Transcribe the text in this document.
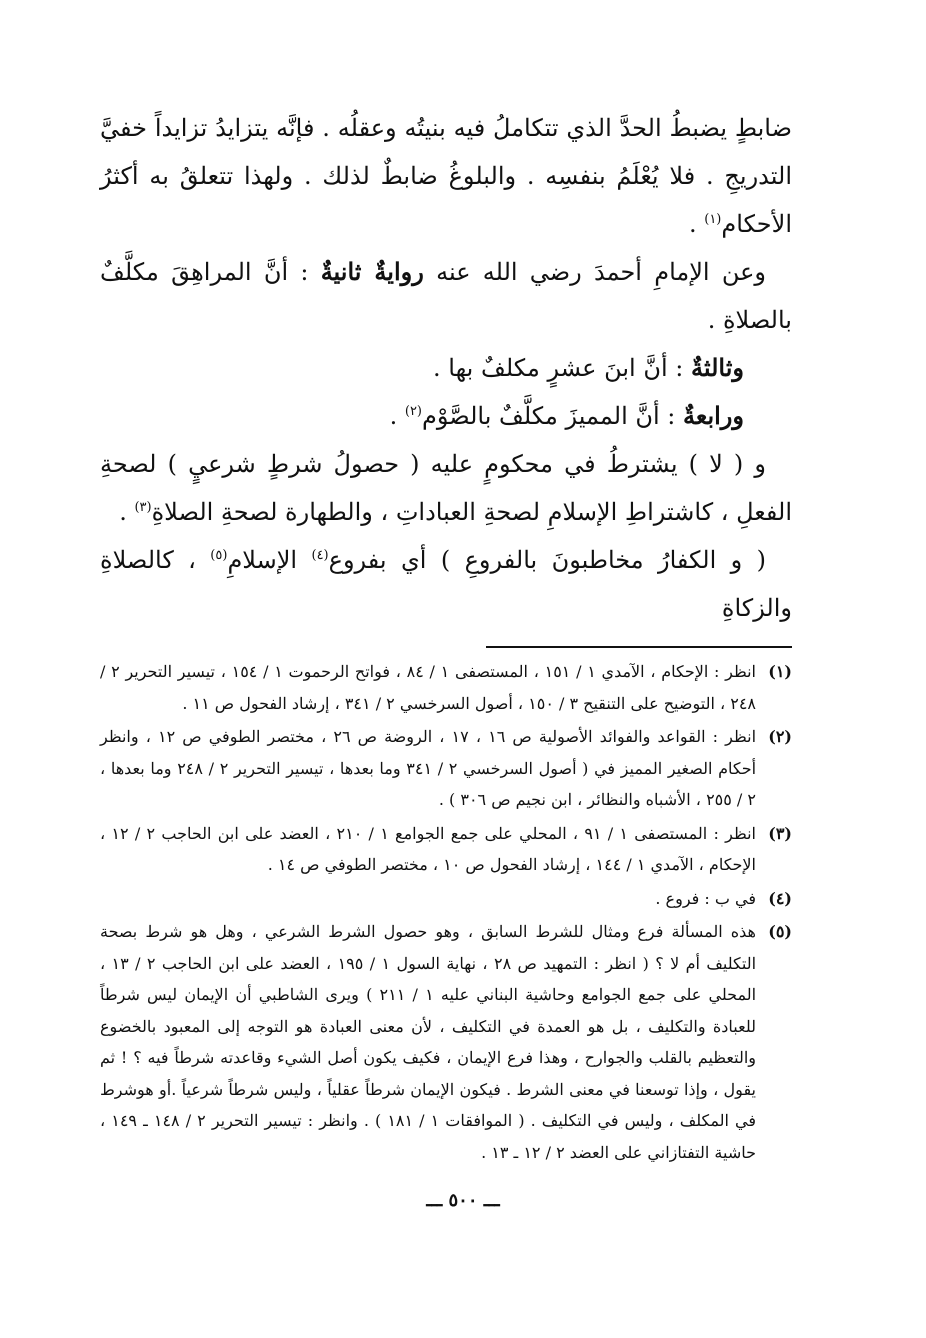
ضابطٍ يضبطُ الحدَّ الذي تتكاملُ فيه بنيتُه وعقلُه . فإنَّه يتزايدُ تزايداً خفيَّ التدريجِ . فلا يُعْلَمُ بنفسِه . والبلوغُ ضابطٌ لذلك . ولهذا تتعلقُ به أكثرُ الأحكام$^{(١)}$ .

وعن الإمامِ أحمدَ رضي الله عنه روايةٌ ثانيةٌ : أنَّ المراهِقَ مكلَّفٌ بالصلاةِ .

وثالثةٌ : أنَّ ابنَ عشرٍ مكلفٌ بها .

ورابعةٌ : أنَّ المميزَ مكلَّفٌ بالصَّوْم$^{(٢)}$ .

و ( لا ) يشترطُ في محكومٍ عليه ( حصولُ شرطٍ شرعيٍ ) لصحةِ الفعلِ ، كاشتراطِ الإسلامِ لصحةِ العباداتِ ، والطهارة لصحةِ الصلاةِ$^{(٣)}$ .

( و الكفارُ مخاطبونَ بالفروعِ ) أي بفروع$^{(٤)}$ الإسلامِ$^{(٥)}$ ، كالصلاةِ والزكاةِ

(١)
انظر : الإحكام ، الآمدي ١ / ١٥١ ، المستصفى ١ / ٨٤ ، فواتح الرحموت ١ / ١٥٤ ، تيسير التحرير ٢ / ٢٤٨ ، التوضيح على التنقيح ٣ / ١٥٠ ، أصول السرخسي ٢ / ٣٤١ ، إرشاد الفحول ص ١١ .

(٢)
انظر : القواعد والفوائد الأصولية ص ١٦ ، ١٧ ، الروضة ص ٢٦ ، مختصر الطوفي ص ١٢ ، وانظر أحكام الصغير المميز في ( أصول السرخسي ٢ / ٣٤١ وما بعدها ، تيسير التحرير ٢ / ٢٤٨ وما بعدها ، ٢ / ٢٥٥ ، الأشباه والنظائر ، ابن نجيم ص ٣٠٦ ) .

(٣)
انظر : المستصفى ١ / ٩١ ، المحلي على جمع الجوامع ١ / ٢١٠ ، العضد على ابن الحاجب ٢ / ١٢ ، الإحكام ، الآمدي ١ / ١٤٤ ، إرشاد الفحول ص ١٠ ، مختصر الطوفي ص ١٤ .

(٤)
في ب : فروع .

(٥)
هذه المسألة فرع ومثال للشرط السابق ، وهو حصول الشرط الشرعي ، وهل هو شرط بصحة التكليف أم لا ؟ ( انظر : التمهيد ص ٢٨ ، نهاية السول ١ / ١٩٥ ، العضد على ابن الحاجب ٢ / ١٣ ، المحلي على جمع الجوامع وحاشية البناني عليه ١ / ٢١١ ) ويرى الشاطبي أن الإيمان ليس شرطاً للعبادة والتكليف ، بل هو العمدة في التكليف ، لأن معنى العبادة هو التوجه إلى المعبود بالخضوع والتعظيم بالقلب والجوارح ، وهذا فرع الإيمان ، فكيف يكون أصل الشيء وقاعدته شرطاً فيه ؟ ! ثم يقول ، وإذا توسعنا في معنى الشرط . فيكون الإيمان شرطاً عقلياً ، وليس شرطاً شرعياً .أو هوشرط في المكلف ، وليس في التكليف . ( الموافقات ١ / ١٨١ ) . وانظر : تيسير التحرير ٢ / ١٤٨ ـ ١٤٩ ، حاشية التفتازاني على العضد ٢ / ١٢ ـ ١٣ .

ـــ ٥٠٠ ـــ
